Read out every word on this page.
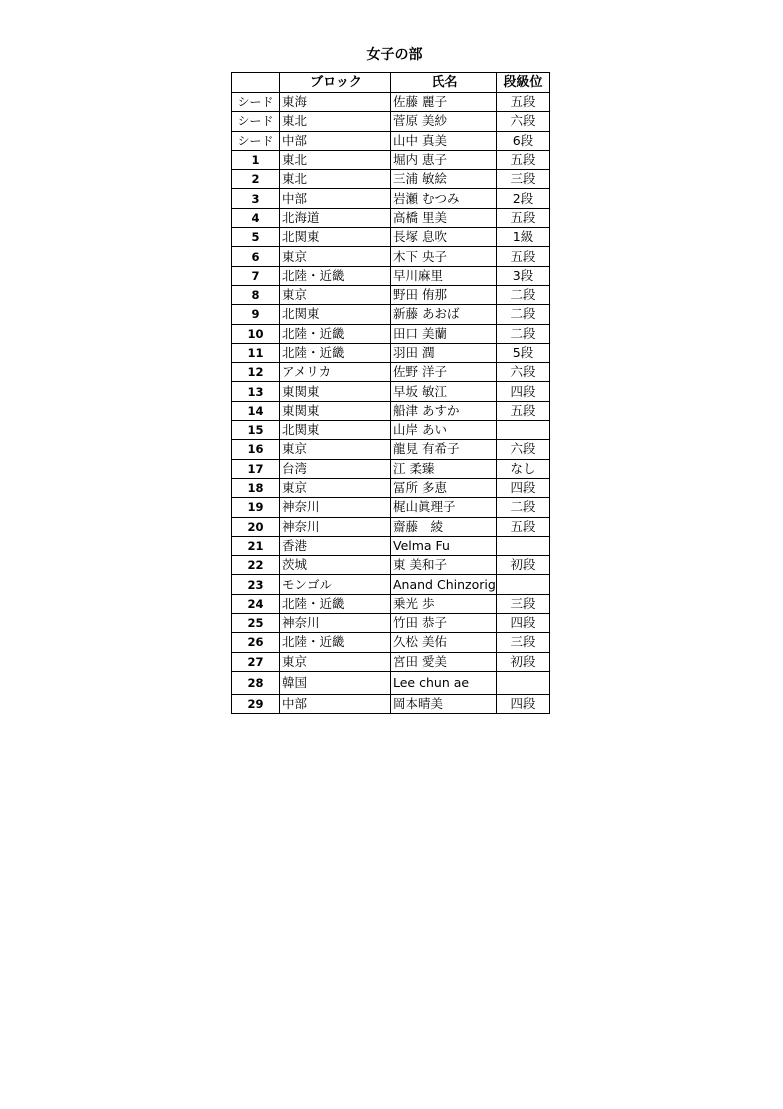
女子の部
	ブロック	氏名	段級位
シード	東海	佐藤 麗子	五段
シード	東北	菅原 美紗	六段
シード	中部	山中 真美	6段
1	東北	堀内 恵子	五段
2	東北	三浦 敏絵	三段
3	中部	岩瀬 むつみ	2段
4	北海道	高橋 里美	五段
5	北関東	長塚 息吹	1級
6	東京	木下 央子	五段
7	北陸・近畿	早川麻里	3段
8	東京	野田 侑那	二段
9	北関東	新藤 あおば	二段
10	北陸・近畿	田口 美蘭	二段
11	北陸・近畿	羽田 潤	5段
12	アメリカ	佐野 洋子	六段
13	東関東	早坂 敏江	四段
14	東関東	船津 あすか	五段
15	北関東	山岸 あい	
16	東京	龍見 有希子	六段
17	台湾	江 柔臻	なし
18	東京	冨所 多恵	四段
19	神奈川	梶山眞理子	二段
20	神奈川	齋藤　綾	五段
21	香港	Velma Fu	
22	茨城	東 美和子	初段
23	モンゴル	Anand Chinzorig	
24	北陸・近畿	乗光 歩	三段
25	神奈川	竹田 恭子	四段
26	北陸・近畿	久松 美佑	三段
27	東京	宮田 愛美	初段
28	韓国	Lee chun ae	
29	中部	岡本晴美	四段
